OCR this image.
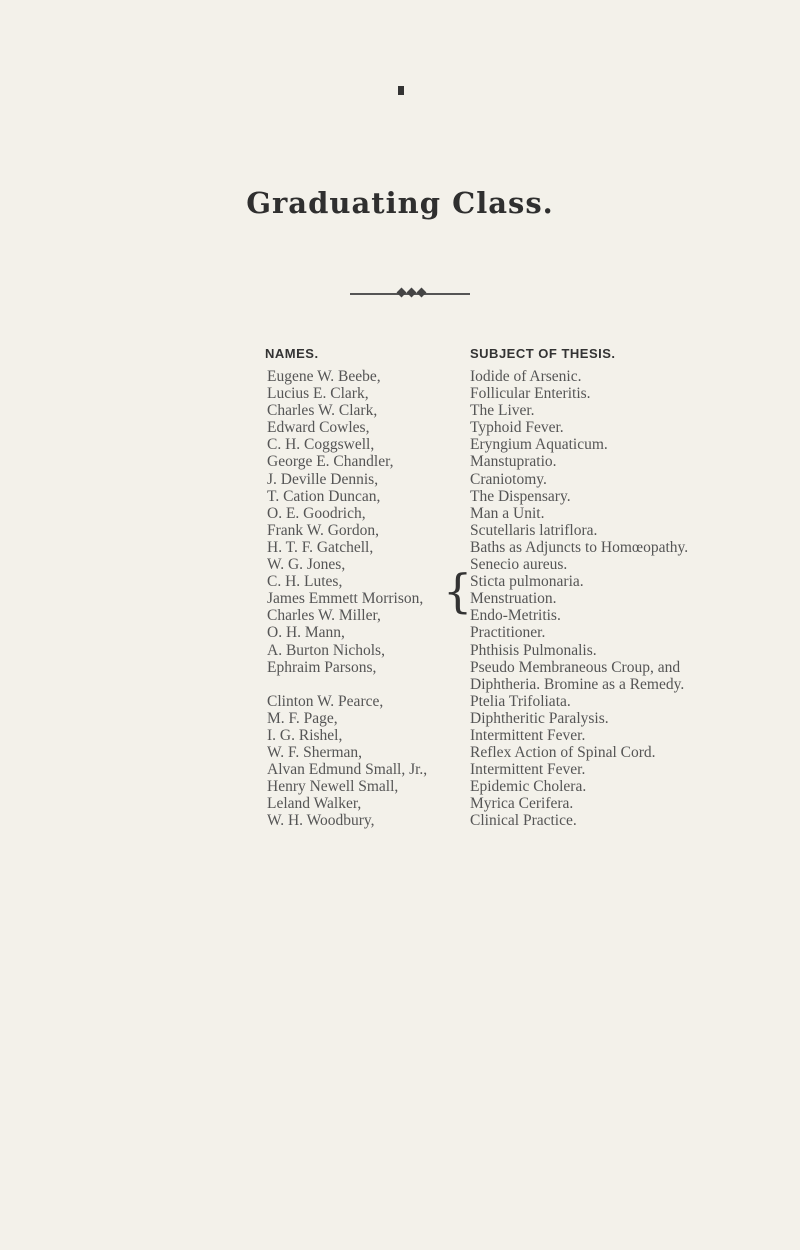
Graduating Class.
NAMES.	SUBJECT OF THESIS.
Eugene W. Beebe,
Lucius E. Clark,
Charles W. Clark,
Edward Cowles,
C. H. Coggswell,
George E. Chandler,
J. Deville Dennis,
T. Cation Duncan,
O. E. Goodrich,
Frank W. Gordon,
H. T. F. Gatchell,
W. G. Jones,
C. H. Lutes,
James Emmett Morrison,
Charles W. Miller,
O. H. Mann,
A. Burton Nichols,
Ephraim Parsons,
Clinton W. Pearce,
M. F. Page,
I. G. Rishel,
W. F. Sherman,
Alvan Edmund Small, Jr.,
Henry Newell Small,
Leland Walker,
W. H. Woodbury,
{
Iodide of Arsenic.
Follicular Enteritis.
The Liver.
Typhoid Fever.
Eryngium Aquaticum.
Manstupratio.
Craniotomy.
The Dispensary.
Man a Unit.
Scutellaris latriflora.
Baths as Adjuncts to Homœopathy.
Senecio aureus.
Sticta pulmonaria.
Menstruation.
Endo-Metritis.
Practitioner.
Phthisis Pulmonalis.
Pseudo Membraneous Croup, and
Diphtheria. Bromine as a Remedy.
Ptelia Trifoliata.
Diphtheritic Paralysis.
Intermittent Fever.
Reflex Action of Spinal Cord.
Intermittent Fever.
Epidemic Cholera.
Myrica Cerifera.
Clinical Practice.
